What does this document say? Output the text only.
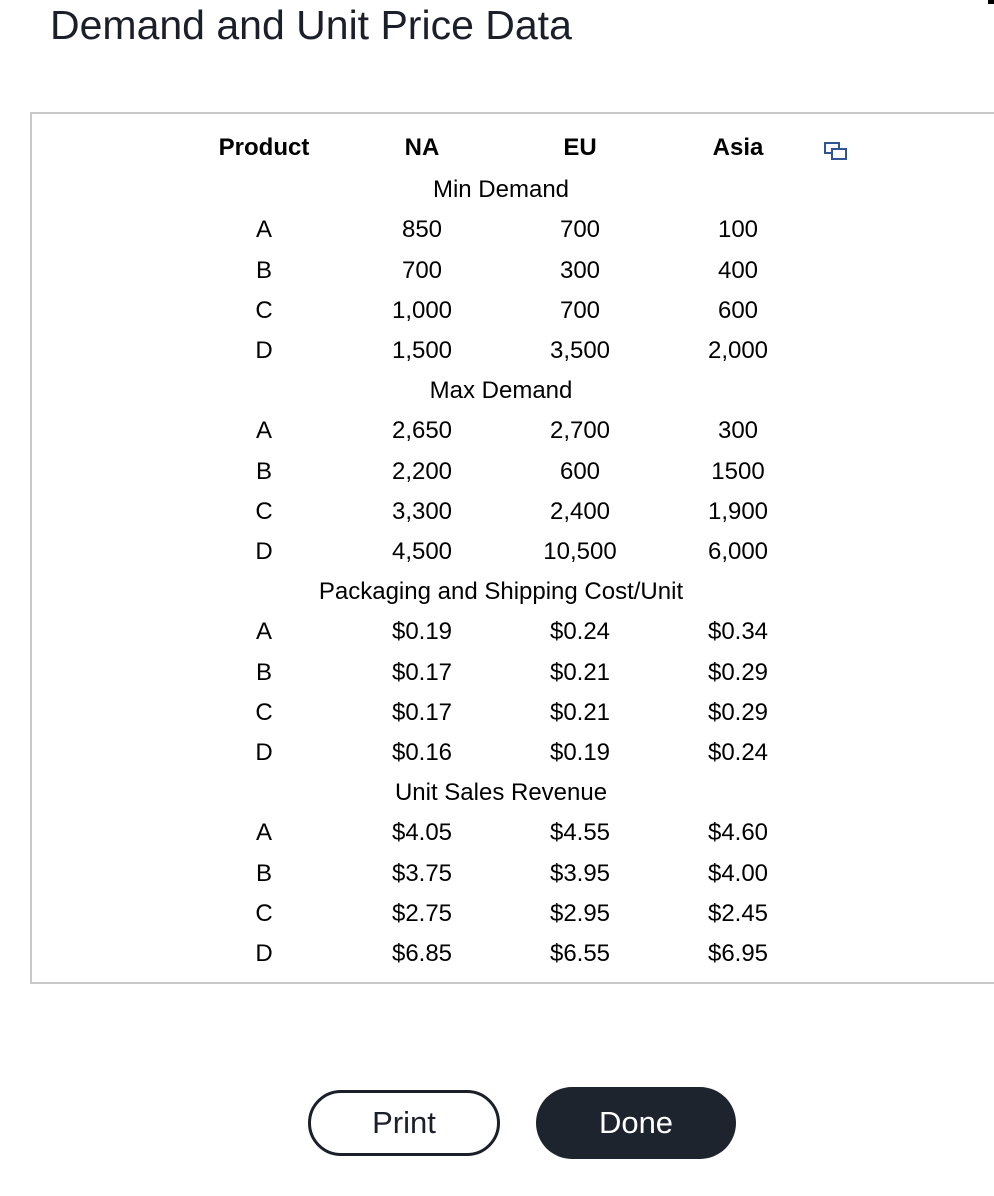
Demand and Unit Price Data
Product	NA	EU	Asia
Min Demand
A	850	700	100
B	700	300	400
C	1,000	700	600
D	1,500	3,500	2,000
Max Demand
A	2,650	2,700	300
B	2,200	600	1500
C	3,300	2,400	1,900
D	4,500	10,500	6,000
Packaging and Shipping Cost/Unit
A	$0.19	$0.24	$0.34
B	$0.17	$0.21	$0.29
C	$0.17	$0.21	$0.29
D	$0.16	$0.19	$0.24
Unit Sales Revenue
A	$4.05	$4.55	$4.60
B	$3.75	$3.95	$4.00
C	$2.75	$2.95	$2.45
D	$6.85	$6.55	$6.95
Print	Done
